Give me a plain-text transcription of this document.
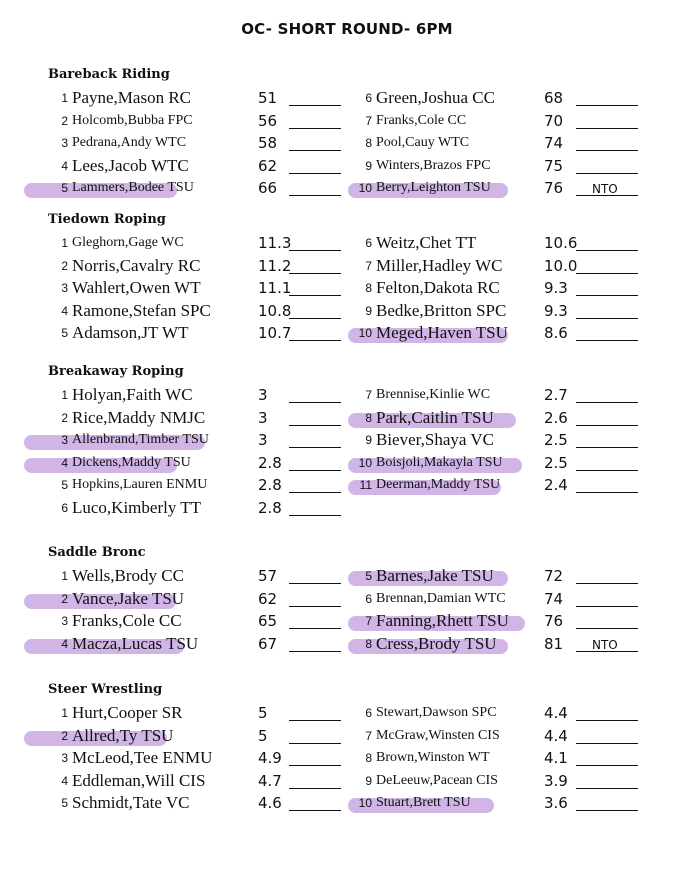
OC- SHORT ROUND- 6PM
Bareback Riding
1 Payne,Mason RC	51
2 Holcomb,Bubba FPC	56
3 Pedrana,Andy WTC	58
4 Lees,Jacob WTC	62
5 Lammers,Bodee TSU	66
6 Green,Joshua CC	68
7 Franks,Cole CC	70
8 Pool,Cauy WTC	74
9 Winters,Brazos FPC	75
10 Berry,Leighton TSU	76 NTO
Tiedown Roping
1 Gleghorn,Gage WC	11.3
2 Norris,Cavalry RC	11.2
3 Wahlert,Owen WT	11.1
4 Ramone,Stefan SPC	10.8
5 Adamson,JT WT	10.7
6 Weitz,Chet TT	10.6
7 Miller,Hadley WC	10.0
8 Felton,Dakota RC	9.3
9 Bedke,Britton SPC	9.3
10 Meged,Haven TSU 8.6
Breakaway Roping
1 Holyan,Faith WC	3
2 Rice,Maddy NMJC	3
3 Allenbrand,Timber TSU	3
4 Dickens,Maddy TSU	2.8
5 Hopkins,Lauren ENMU	2.8
6 Luco,Kimberly TT	2.8
7 Brennise,Kinlie WC	2.7
8 Park,Caitlin TSU	2.6
9 Biever,Shaya VC	2.5
10 Boisjoli,Makayla TSU	2.5
11 Deerman,Maddy TSU	2.4
Saddle Bronc
1 Wells,Brody CC	57
2 Vance,Jake TSU	62
3 Franks,Cole CC	65
4 Macza,Lucas TSU	67
5 Barnes,Jake TSU	72
6 Brennan,Damian WTC	74
7 Fanning,Rhett TSU 76
8 Cress,Brody TSU	81 NTO
Steer Wrestling
1 Hurt,Cooper SR	5
2 Allred,Ty TSU	5
3 McLeod,Tee ENMU	4.9
4 Eddleman,Will CIS	4.7
5 Schmidt,Tate VC	4.6
6 Stewart,Dawson SPC	4.4
7 McGraw,Winsten CIS	4.4
8 Brown,Winston WT	4.1
9 DeLeeuw,Pacean CIS	3.9
10 Stuart,Brett TSU	3.6
